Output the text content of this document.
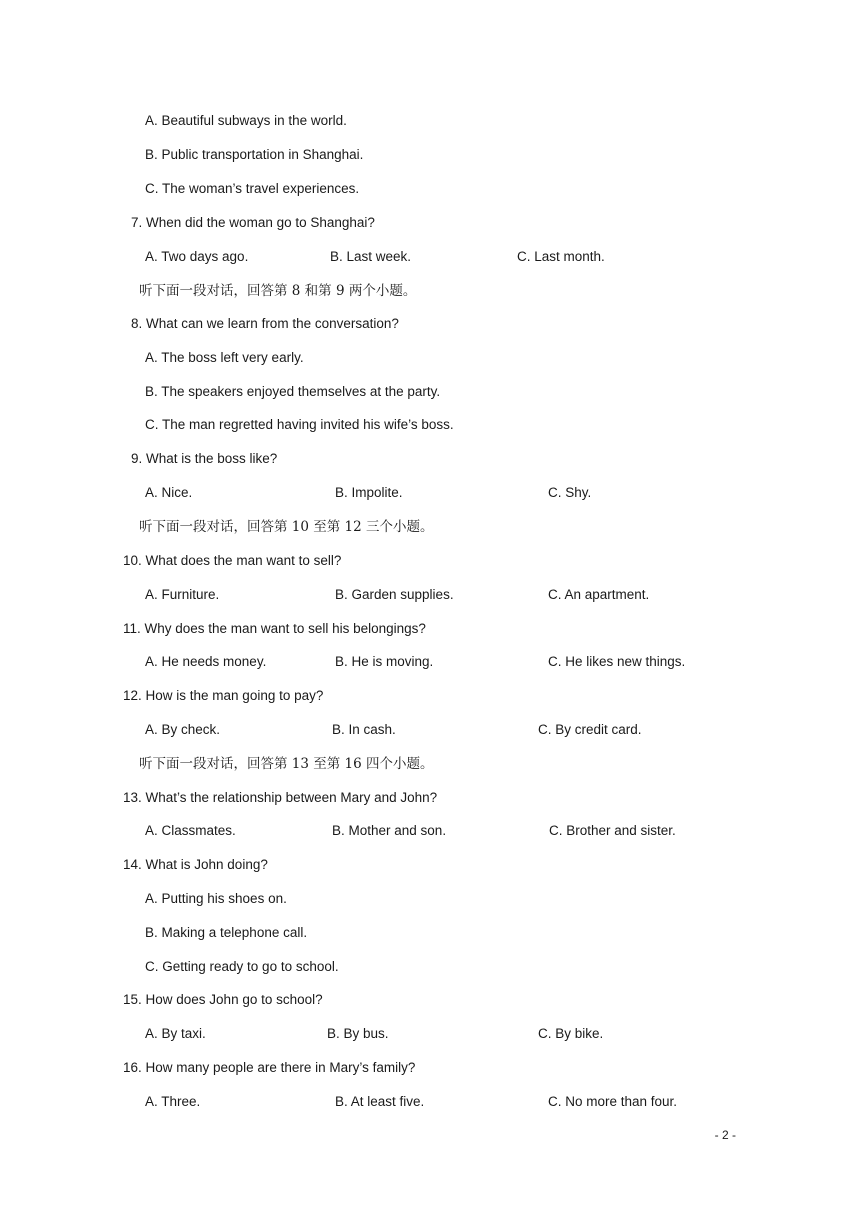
A. Beautiful subways in the world.
B. Public transportation in Shanghai.
C. The woman’s travel experiences.
7. When did the woman go to Shanghai?
A. Two days ago.	B. Last week.	C. Last month.
听下面一段对话，回答第 8 和第 9 两个小题。
8. What can we learn from the conversation?
A. The boss left very early.
B. The speakers enjoyed themselves at the party.
C. The man regretted having invited his wife’s boss.
9. What is the boss like?
A. Nice.	B. Impolite.	C. Shy.
听下面一段对话，回答第 10 至第 12 三个小题。
10. What does the man want to sell?
A. Furniture.	B. Garden supplies.	C. An apartment.
11. Why does the man want to sell his belongings?
A. He needs money.	B. He is moving.	C. He likes new things.
12. How is the man going to pay?
A. By check.	B. In cash.	C. By credit card.
听下面一段对话，回答第 13 至第 16 四个小题。
13. What’s the relationship between Mary and John?
A. Classmates.	B. Mother and son.	C. Brother and sister.
14. What is John doing?
A. Putting his shoes on.
B. Making a telephone call.
C. Getting ready to go to school.
15. How does John go to school?
A. By taxi.	B. By bus.	C. By bike.
16. How many people are there in Mary’s family?
A. Three.	B. At least five.	C. No more than four.
- 2 -
